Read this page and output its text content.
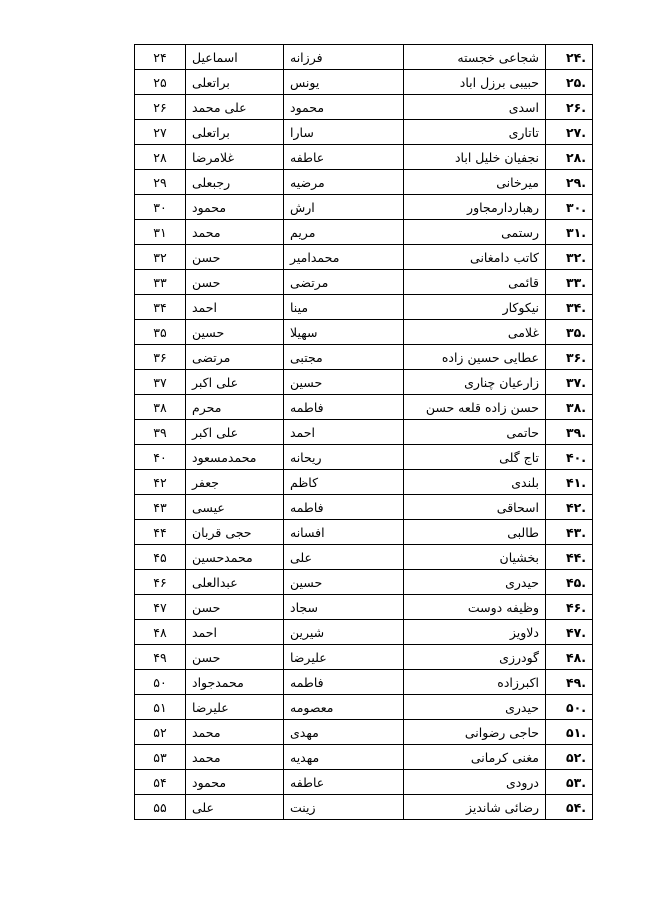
۲۴	اسماعیل	فرزانه	شجاعی خجسته	۲۴.
۲۵	براتعلی	یونس	حبیبی برزل اباد	۲۵.
۲۶	علی محمد	محمود	اسدی	۲۶.
۲۷	براتعلی	سارا	تاتاری	۲۷.
۲۸	غلامرضا	عاطفه	نجفیان خلیل اباد	۲۸.
۲۹	رجبعلی	مرضیه	میرخانی	۲۹.
۳۰	محمود	ارش	رهباردارمجاور	۳۰.
۳۱	محمد	مریم	رستمی	۳۱.
۳۲	حسن	محمدامیر	کاتب دامغانی	۳۲.
۳۳	حسن	مرتضی	قائمی	۳۳.
۳۴	احمد	مینا	نیکوکار	۳۴.
۳۵	حسین	سهیلا	غلامی	۳۵.
۳۶	مرتضی	مجتبی	عطایی حسین زاده	۳۶.
۳۷	علی اکبر	حسین	زارعیان چناری	۳۷.
۳۸	محرم	فاطمه	حسن زاده قلعه حسن	۳۸.
۳۹	علی اکبر	احمد	حاتمی	۳۹.
۴۰	محمدمسعود	ریحانه	تاج گلی	۴۰.
۴۲	جعفر	کاظم	بلندی	۴۱.
۴۳	عیسی	فاطمه	اسحاقی	۴۲.
۴۴	حجی قربان	افسانه	طالبی	۴۳.
۴۵	محمدحسین	علی	بخشیان	۴۴.
۴۶	عبدالعلی	حسین	حیدری	۴۵.
۴۷	حسن	سجاد	وظیفه دوست	۴۶.
۴۸	احمد	شیرین	دلاویز	۴۷.
۴۹	حسن	علیرضا	گودرزی	۴۸.
۵۰	محمدجواد	فاطمه	اکبرزاده	۴۹.
۵۱	علیرضا	معصومه	حیدری	۵۰.
۵۲	محمد	مهدی	حاجی رضوانی	۵۱.
۵۳	محمد	مهدیه	مغنی کرمانی	۵۲.
۵۴	محمود	عاطفه	درودی	۵۳.
۵۵	علی	زینت	رضائی شاندیز	۵۴.
